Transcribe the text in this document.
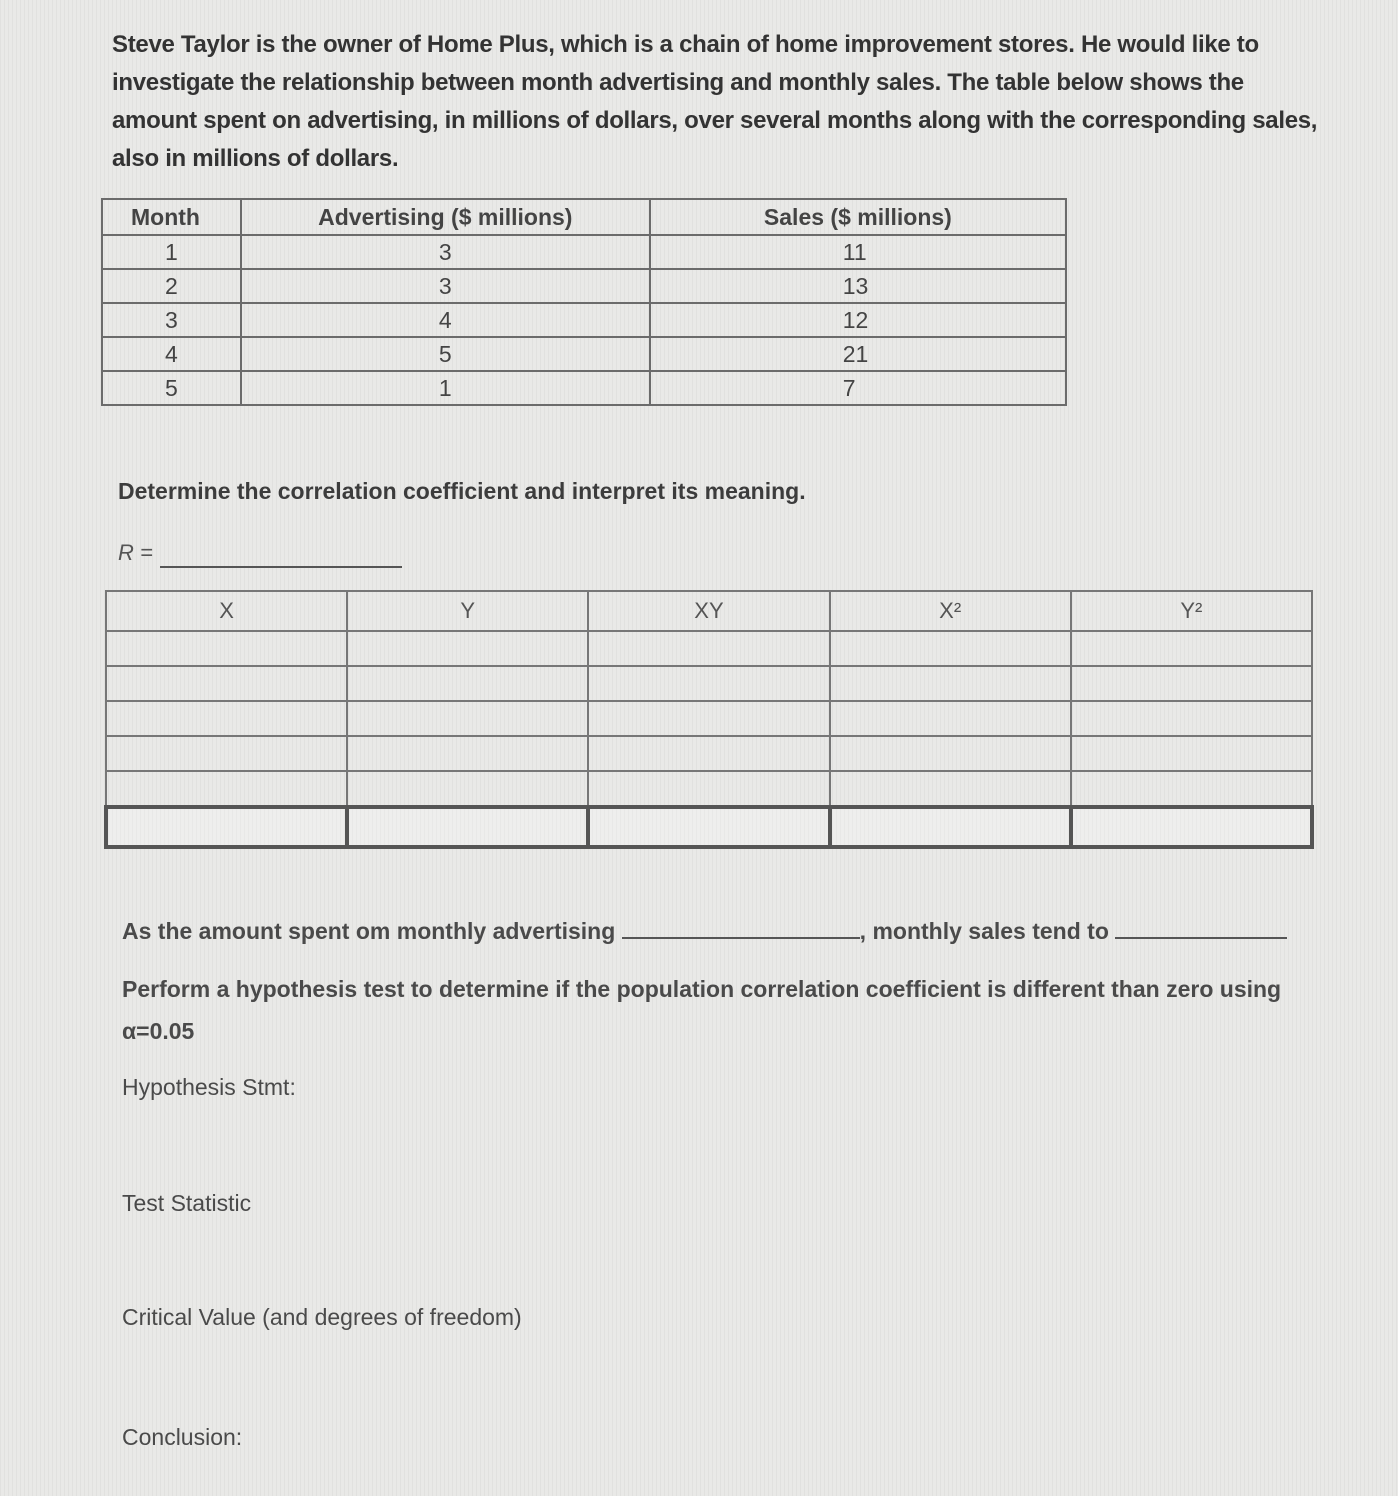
Steve Taylor is the owner of Home Plus, which is a chain of home improvement stores. He would like to investigate the relationship between month advertising and monthly sales. The table below shows the amount spent on advertising, in millions of dollars, over several months along with the corresponding sales, also in millions of dollars.

Month	Advertising ($ millions)	Sales ($ millions)
1	3	11
2	3	13
3	4	12
4	5	21
5	1	7

Determine the correlation coefficient and interpret its meaning.

R =
X	Y	XY	X²	Y²

As the amount spent om monthly advertising	, monthly sales tend to

Perform a hypothesis test to determine if the population correlation coefficient is different than zero using α=0.05

Hypothesis Stmt:

Test Statistic

Critical Value (and degrees of freedom)

Conclusion:
